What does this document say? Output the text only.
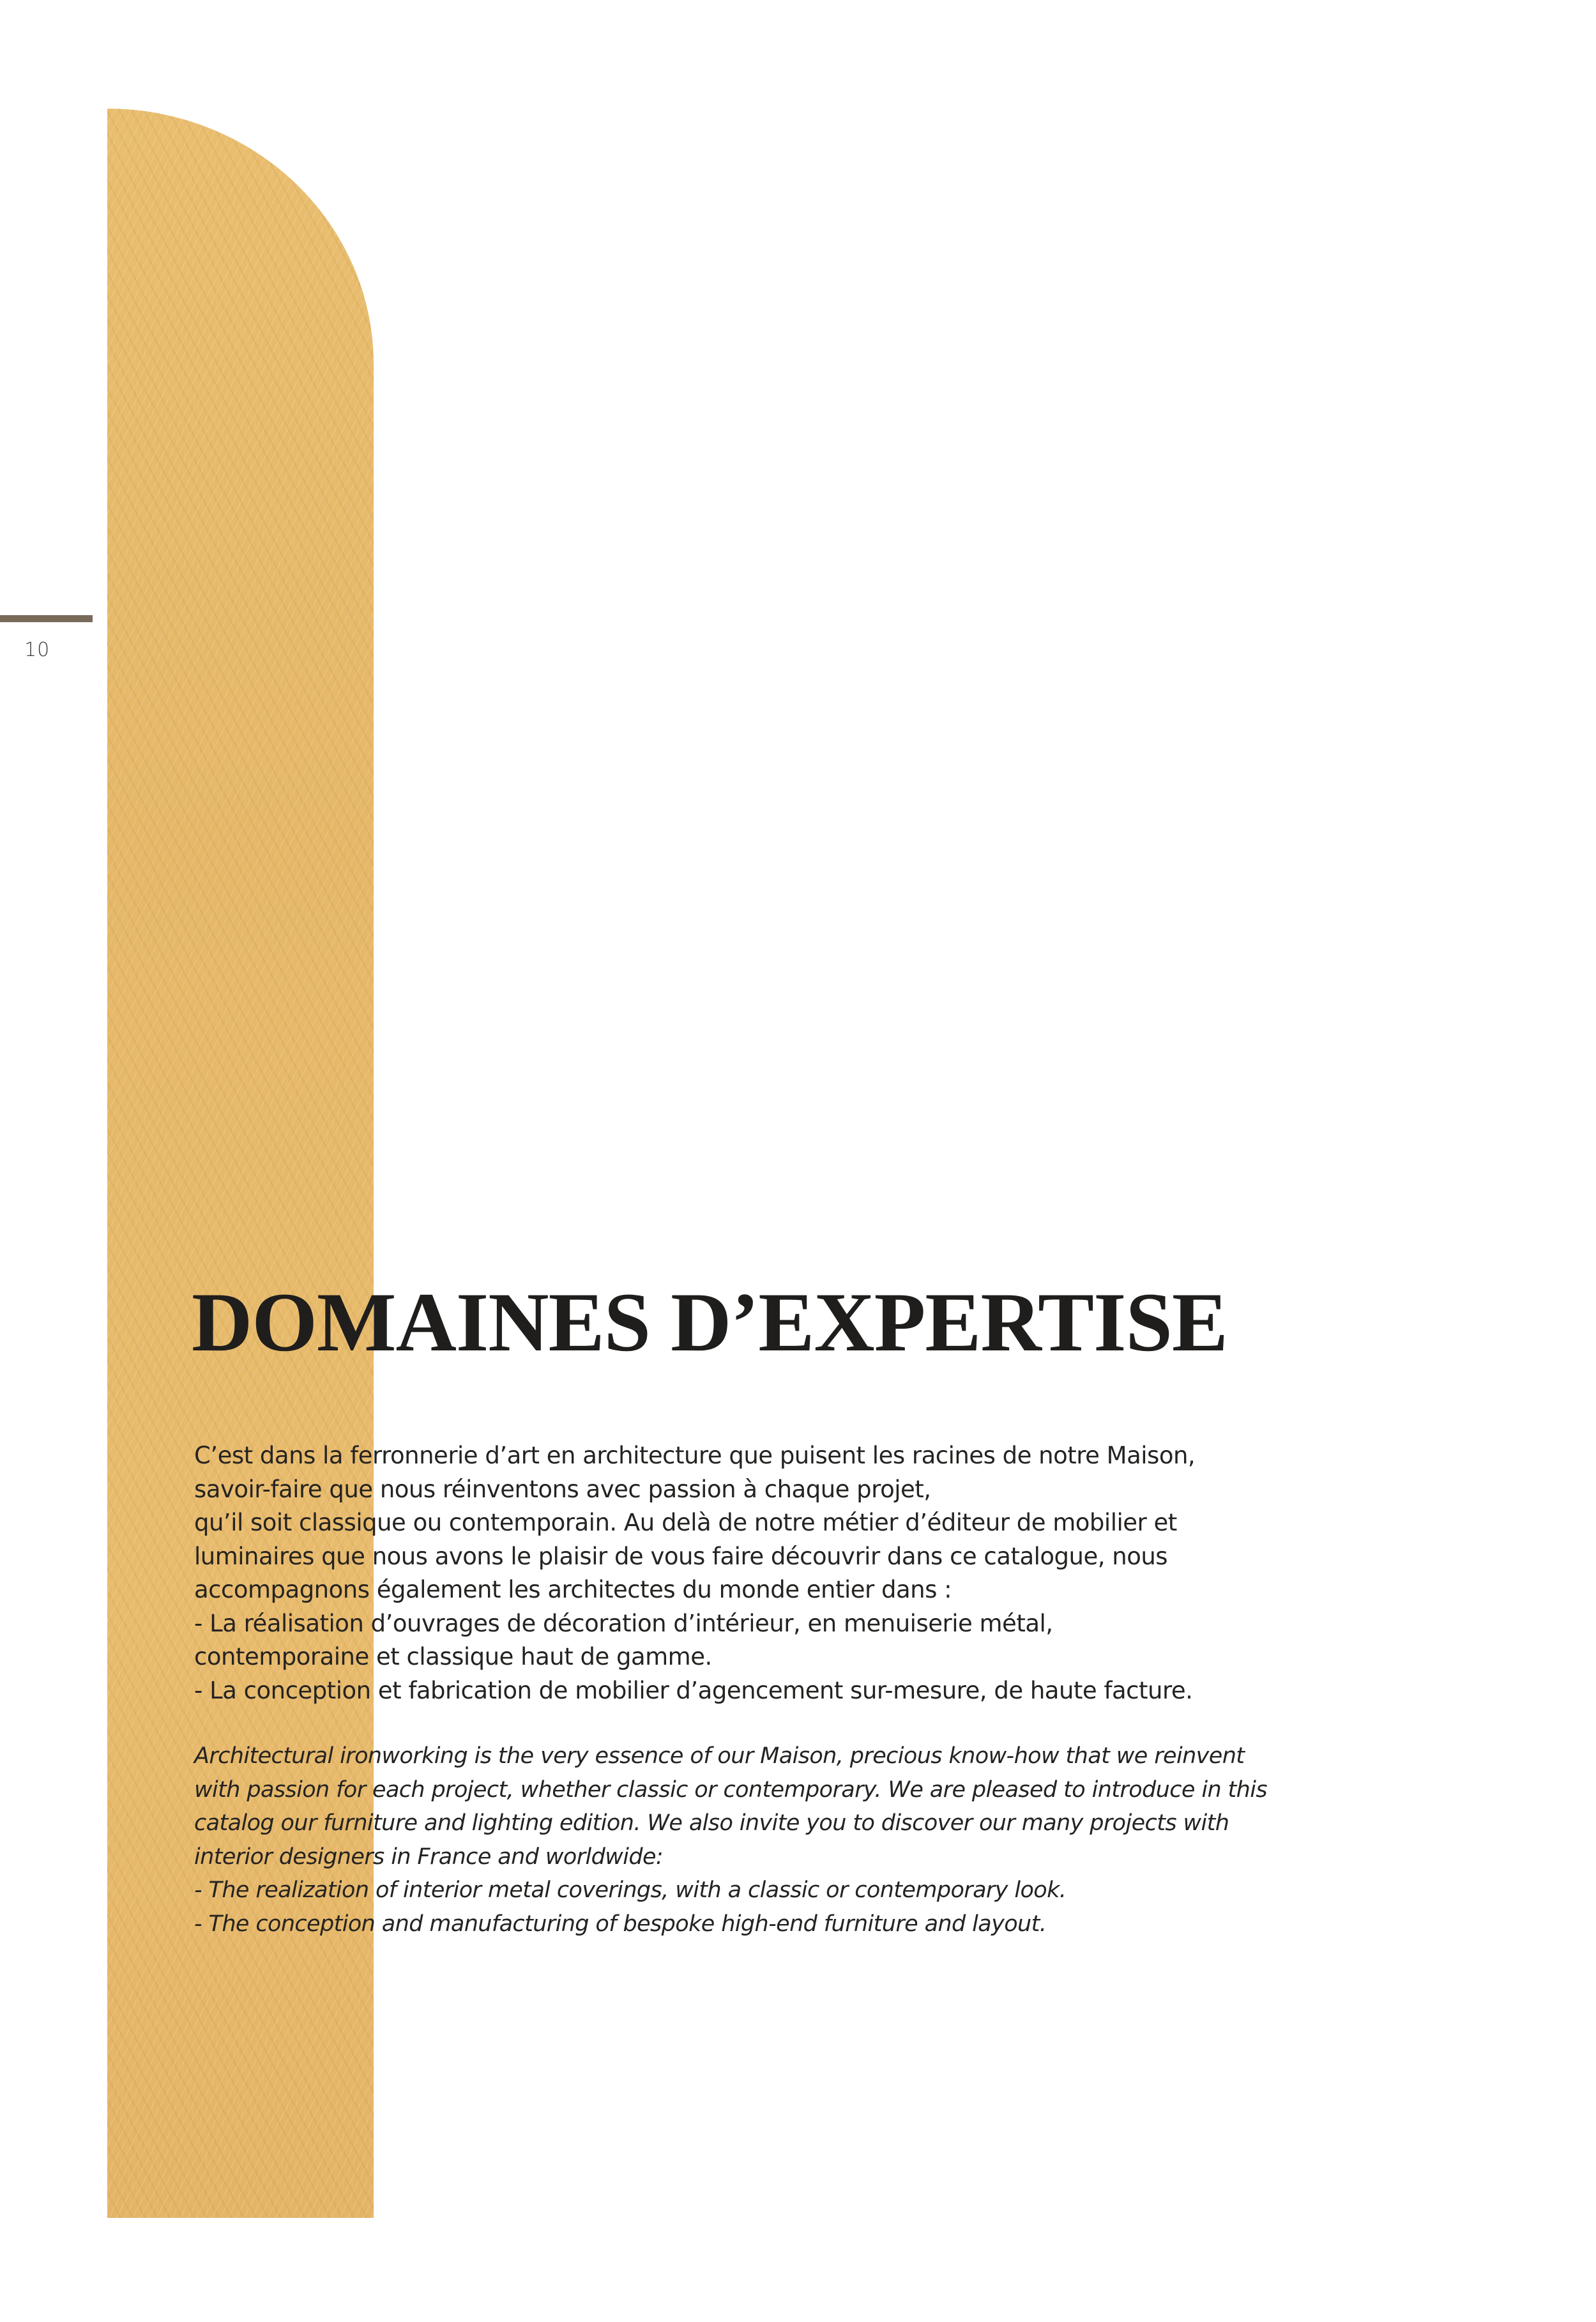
10
DOMAINES D’EXPERTISE
C’est dans la ferronnerie d’art en architecture que puisent les racines de notre Maison,
savoir-faire que nous réinventons avec passion à chaque projet,
qu’il soit classique ou contemporain. Au delà de notre métier d’éditeur de mobilier et
luminaires que nous avons le plaisir de vous faire découvrir dans ce catalogue, nous
accompagnons également les architectes du monde entier dans :
- La réalisation d’ouvrages de décoration d’intérieur, en menuiserie métal,
contemporaine et classique haut de gamme.
- La conception et fabrication de mobilier d’agencement sur-mesure, de haute facture.
Architectural ironworking is the very essence of our Maison, precious know-how that we reinvent
with passion for each project, whether classic or contemporary. We are pleased to introduce in this
catalog our furniture and lighting edition. We also invite you to discover our many projects with
interior designers in France and worldwide:
- The realization of interior metal coverings, with a classic or contemporary look.
- The conception and manufacturing of bespoke high-end furniture and layout.
